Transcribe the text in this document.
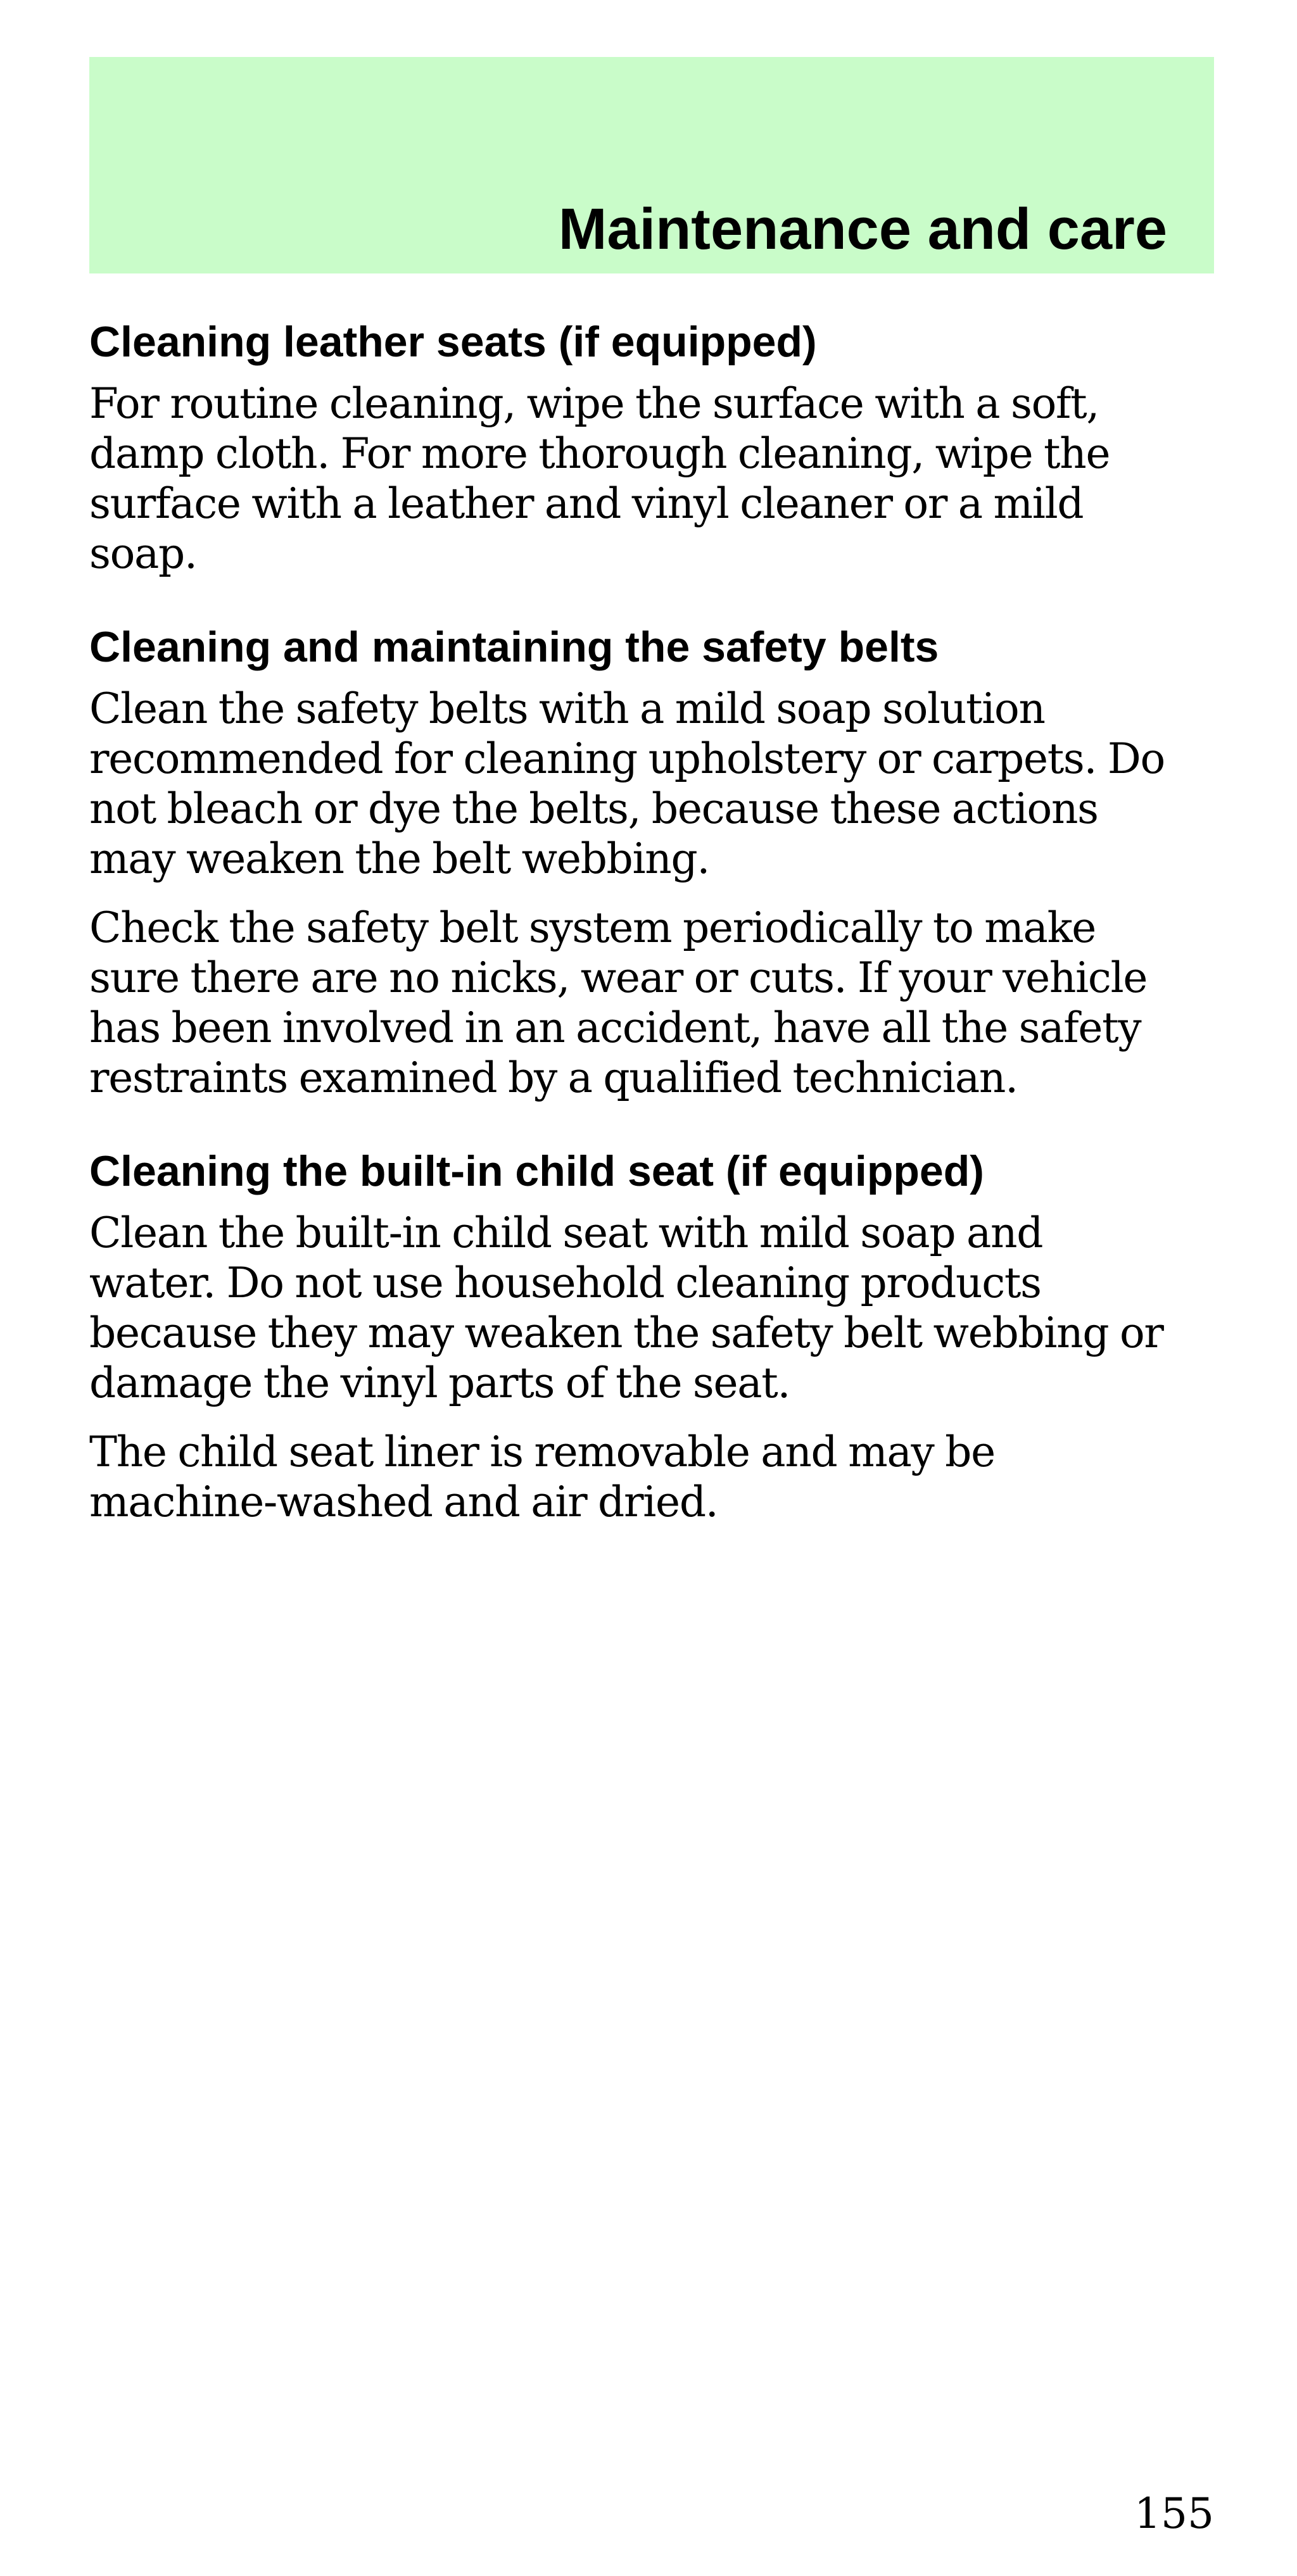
Maintenance and care
Cleaning leather seats (if equipped)

For routine cleaning, wipe the surface with a soft,
damp cloth. For more thorough cleaning, wipe the
surface with a leather and vinyl cleaner or a mild
soap.

Cleaning and maintaining the safety belts

Clean the safety belts with a mild soap solution
recommended for cleaning upholstery or carpets. Do
not bleach or dye the belts, because these actions
may weaken the belt webbing.

Check the safety belt system periodically to make
sure there are no nicks, wear or cuts. If your vehicle
has been involved in an accident, have all the safety
restraints examined by a qualified technician.

Cleaning the built-in child seat (if equipped)

Clean the built-in child seat with mild soap and
water. Do not use household cleaning products
because they may weaken the safety belt webbing or
damage the vinyl parts of the seat.

The child seat liner is removable and may be
machine-washed and air dried.

155
